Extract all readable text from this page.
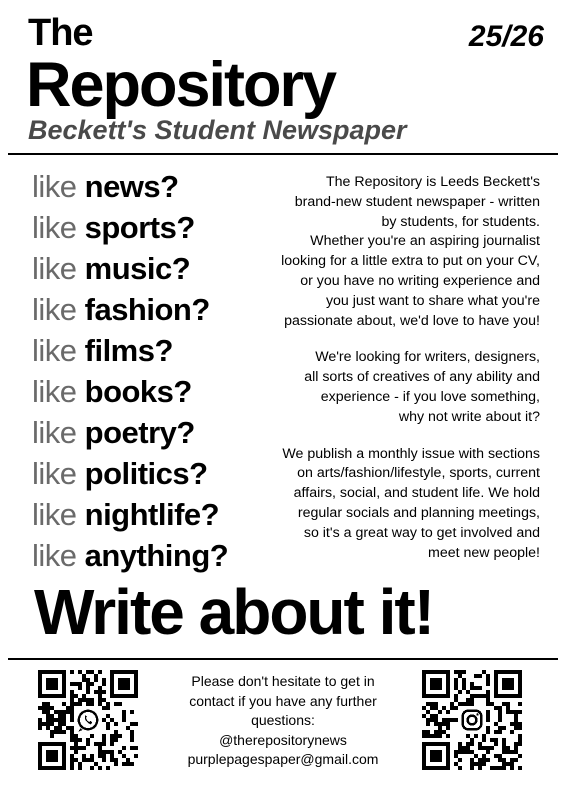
The	25/26
Repository
Beckett's Student Newspaper
like news?
like sports?
like music?
like fashion?
like films?
like books?
like poetry?
like politics?
like nightlife?
like anything?

The Repository is Leeds Beckett's
brand-new student newspaper - written
by students, for students.
Whether you're an aspiring journalist
looking for a little extra to put on your CV,
or you have no writing experience and
you just want to share what you're
passionate about, we'd love to have you!

We're looking for writers, designers,
all sorts of creatives of any ability and
experience - if you love something,
why not write about it?

We publish a monthly issue with sections
on arts/fashion/lifestyle, sports, current
affairs, social, and student life. We hold
regular socials and planning meetings,
so it's a great way to get involved and
meet new people!

Write about it!
Please don't hesitate to get in
contact if you have any further
questions:
@therepositorynews
purplepagespaper@gmail.com
